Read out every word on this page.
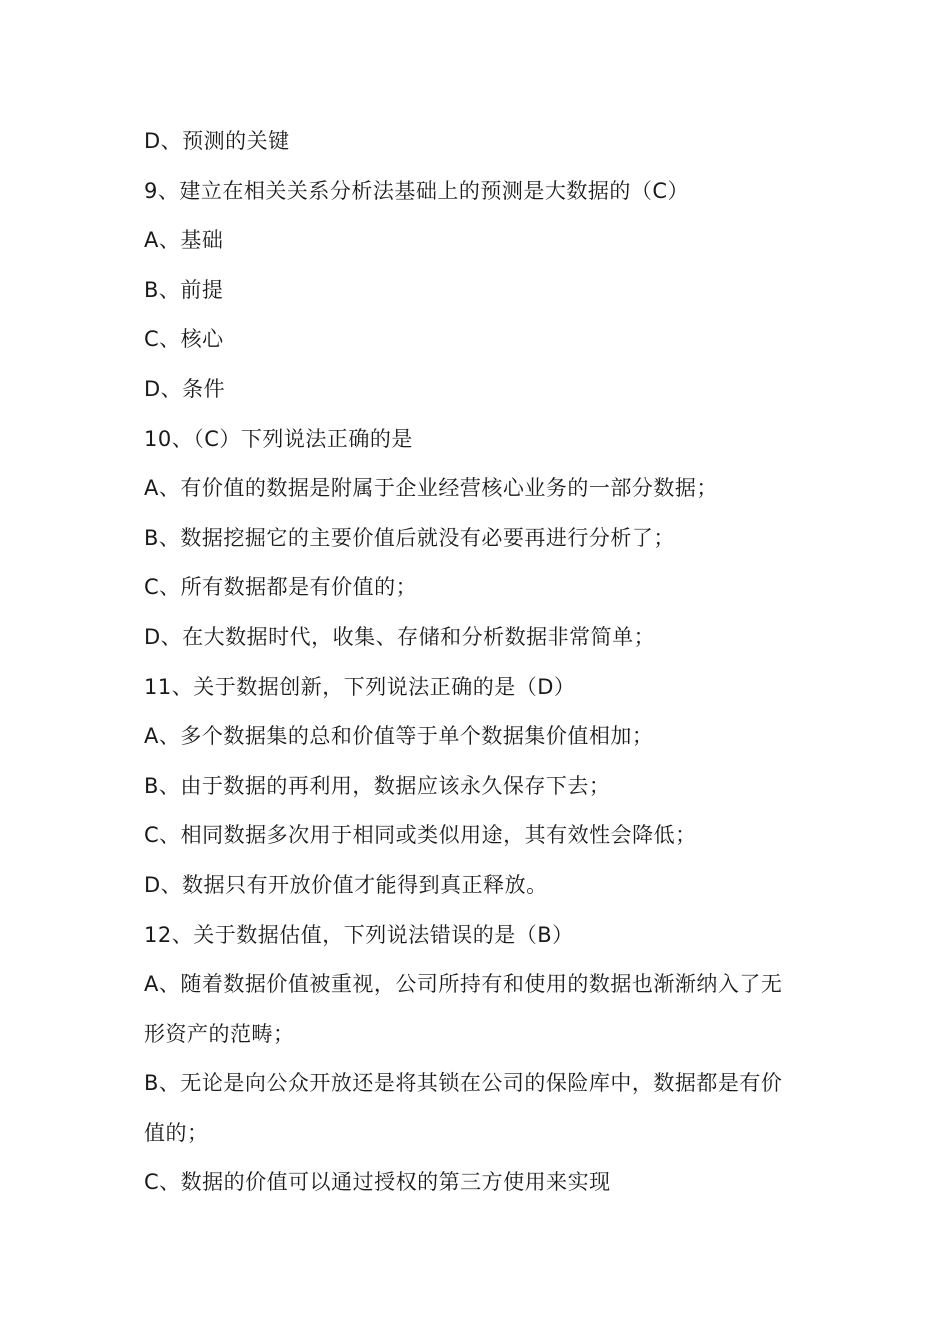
D、预测的关键
9、建立在相关关系分析法基础上的预测是大数据的（C）
A、基础
B、前提
C、核心
D、条件
10、（C）下列说法正确的是
A、有价值的数据是附属于企业经营核心业务的一部分数据；
B、数据挖掘它的主要价值后就没有必要再进行分析了；
C、所有数据都是有价值的；
D、在大数据时代，收集、存储和分析数据非常简单；
11、关于数据创新，下列说法正确的是（D）
A、多个数据集的总和价值等于单个数据集价值相加；
B、由于数据的再利用，数据应该永久保存下去；
C、相同数据多次用于相同或类似用途，其有效性会降低；
D、数据只有开放价值才能得到真正释放。
12、关于数据估值，下列说法错误的是（B）
A、随着数据价值被重视，公司所持有和使用的数据也渐渐纳入了无
形资产的范畴；
B、无论是向公众开放还是将其锁在公司的保险库中，数据都是有价
值的；
C、数据的价值可以通过授权的第三方使用来实现
